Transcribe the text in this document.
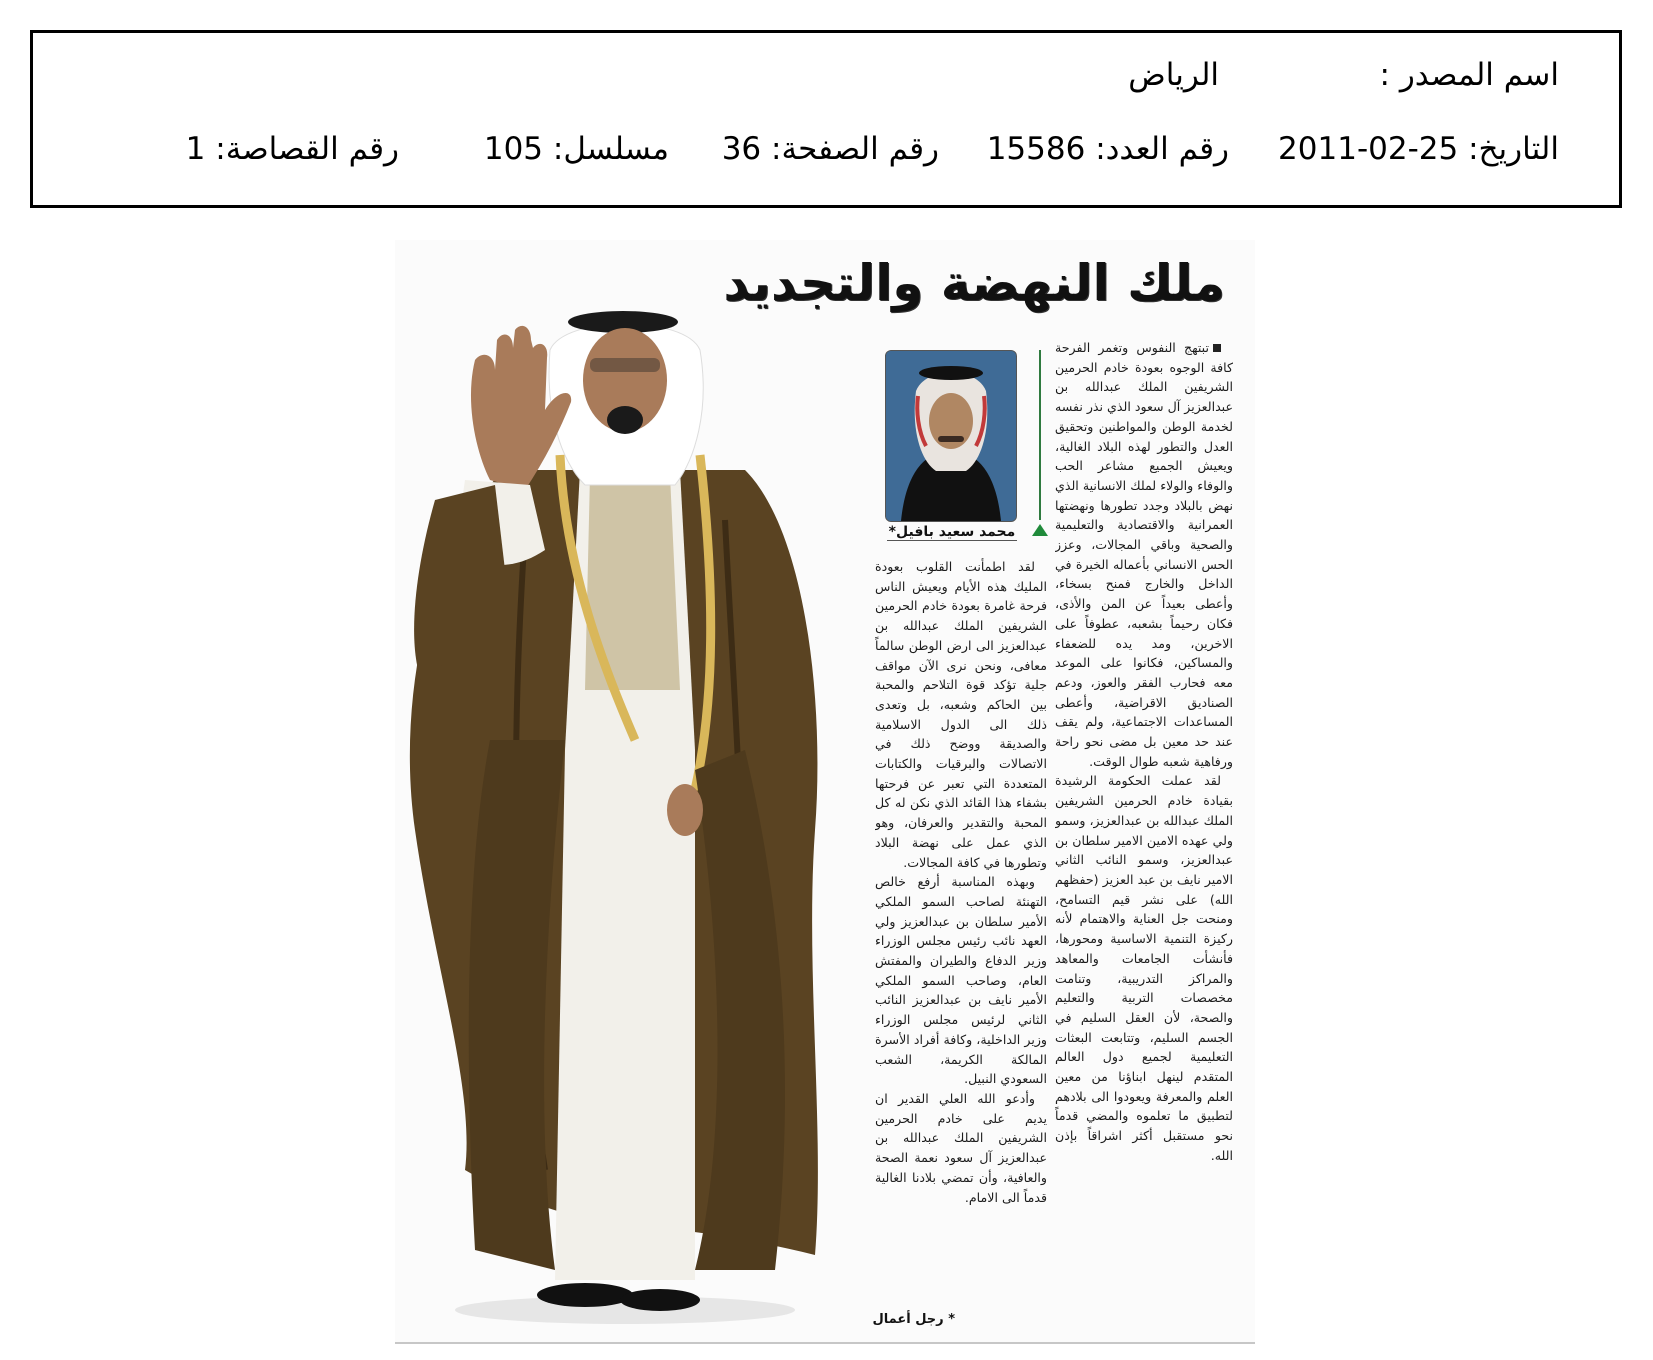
اسم المصدر :
الرياض
التاريخ: 2011-02-25
رقم العدد: 15586
رقم الصفحة: 36
مسلسل: 105
رقم القصاصة: 1
ملك النهضة والتجديد

تبتهج النفوس وتغمر الفرحة كافة الوجوه بعودة خادم الحرمين الشريفين الملك عبدالله بن عبدالعزيز آل سعود الذي نذر نفسه لخدمة الوطن والمواطنين وتحقيق العدل والتطور لهذه البلاد الغالية، ويعيش الجميع مشاعر الحب والوفاء والولاء لملك الانسانية الذي نهض بالبلاد وجدد تطورها ونهضتها العمرانية والاقتصادية والتعليمية والصحية وباقي المجالات، وعزز الحس الانساني بأعماله الخيرة في الداخل والخارج فمنح بسخاء، وأعطى بعيداً عن المن والأذى، فكان رحيماً بشعبه، عطوفاً على الاخرين، ومد يده للضعفاء والمساكين، فكانوا على الموعد معه فحارب الفقر والعوز، ودعم الصناديق الاقراضية، وأعطى المساعدات الاجتماعية، ولم يقف عند حد معين بل مضى نحو راحة ورفاهية شعبه طوال الوقت.

لقد عملت الحكومة الرشيدة بقيادة خادم الحرمين الشريفين الملك عبدالله بن عبدالعزيز، وسمو ولي عهده الامين الامير سلطان بن عبدالعزيز، وسمو النائب الثاني الامير نايف بن عبد العزيز (حفظهم الله) على نشر قيم التسامح، ومنحت جل العناية والاهتمام لأنه ركيزة التنمية الاساسية ومحورها، فأنشأت الجامعات والمعاهد والمراكز التدريبية، وتنامت مخصصات التربية والتعليم والصحة، لأن العقل السليم في الجسم السليم، وتتابعت البعثات التعليمية لجميع دول العالم المتقدم لينهل ابناؤنا من معين العلم والمعرفة ويعودوا الى بلادهم لتطبيق ما تعلموه والمضي قدماً نحو مستقبل أكثر اشراقاً بإذن الله.

محمد سعيد بافيل*

لقد اطمأنت القلوب بعودة المليك هذه الأيام ويعيش الناس فرحة غامرة بعودة خادم الحرمين الشريفين الملك عبدالله بن عبدالعزيز الى ارض الوطن سالماً معافى، ونحن نرى الآن مواقف جلية تؤكد قوة التلاحم والمحبة بين الحاكم وشعبه، بل وتعدى ذلك الى الدول الاسلامية والصديقة ووضح ذلك في الاتصالات والبرقيات والكتابات المتعددة التي تعبر عن فرحتها بشفاء هذا القائد الذي نكن له كل المحبة والتقدير والعرفان، وهو الذي عمل على نهضة البلاد وتطورها في كافة المجالات.

وبهذه المناسبة أرفع خالص التهنئة لصاحب السمو الملكي الأمير سلطان بن عبدالعزيز ولي العهد نائب رئيس مجلس الوزراء وزير الدفاع والطيران والمفتش العام، وصاحب السمو الملكي الأمير نايف بن عبدالعزيز النائب الثاني لرئيس مجلس الوزراء وزير الداخلية، وكافة أفراد الأسرة المالكة الكريمة، الشعب السعودي النبيل.

وأدعو الله العلي القدير ان يديم على خادم الحرمين الشريفين الملك عبدالله بن عبدالعزيز آل سعود نعمة الصحة والعافية، وأن تمضي بلادنا الغالية قدماً الى الامام.

* رجل أعمال
